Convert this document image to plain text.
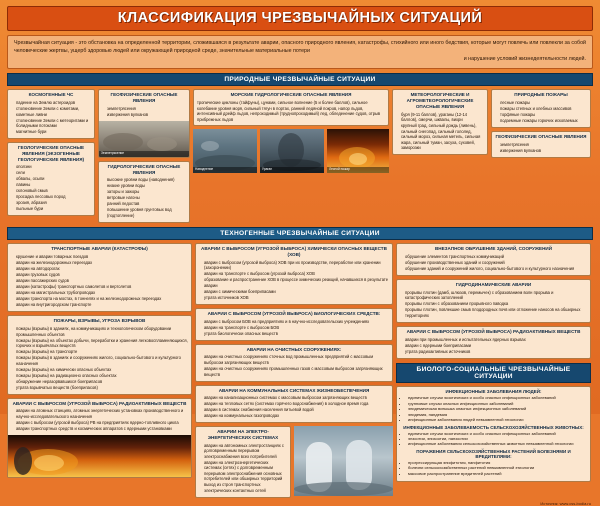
КЛАССИФИКАЦИЯ ЧРЕЗВЫЧАЙНЫХ СИТУАЦИЙ
Чрезвычайная ситуация - это обстановка на определенной территории, сложившаяся в результате аварии, опасного природного явления, катастрофы, стихийного или иного бедствия, которые могут повлечь или повлекли за собой человеческие жертвы, ущерб здоровью людей или окружающей природной среде, значительные материальные потери
и нарушение условий жизнедеятельности людей.
ПРИРОДНЫЕ ЧРЕЗВЫЧАЙНЫЕ СИТУАЦИИ
КОСМОГЕННЫЕ ЧС
• падение на Землю астероидов
• столкновение Земли с кометами, кометные ливни
• столкновение Земли с метеоритами и болидными потоками
• магнитные бури
ГЕОЛОГИЧЕСКИЕ ОПАСНЫЕ ЯВЛЕНИЯ (ЭКЗОГЕННЫЕ ГЕОЛОГИЧЕСКИЕ ЯВЛЕНИЯ)
• оползни
• сели
• обвалы, осыпи
• лавины
• склоновый смыв
• просадка лессовых пород
• эрозия, абразия
• пыльные бури
ГЕОФИЗИЧЕСКИЕ ОПАСНЫЕ ЯВЛЕНИЯ
• землетрясения
• извержения вулканов
Землетрясение
ГИДРОЛОГИЧЕСКИЕ ОПАСНЫЕ ЯВЛЕНИЯ
• высокие уровни воды (наводнения)
• низкие уровни воды
• заторы и зажоры
• ветровые нагоны
• ранний ледостав
• повышение уровня грунтовых вод (подтопление)
МОРСКИЕ ГИДРОЛОГИЧЕСКИЕ ОПАСНЫЕ ЯВЛЕНИЯ

тропические циклоны (тайфуны), цунами, сильное волнение (5 и более баллов), сильное колебание уровня моря, сильный тягун в портах, ранний ледяной покров, напор льдов, интенсивный дрейф льдов, непроходимый (труднопроходимый) лед, обледенение судов, отрыв прибрежных льдов

Наводнение	Ураган	Лесной пожар
МЕТЕОРОЛОГИЧЕСКИЕ И АГРОМЕТЕОРОЛОГИЧЕСКИЕ ОПАСНЫЕ ЯВЛЕНИЯ
• буря (9-11 баллов), ураганы (12-14 баллов), смерчи, шквалы, вихри
• крупный град, сильный дождь (ливень), сильный снегопад, сильный гололед, сильный мороз, сильная метель, сильная жара, сильный туман, засуха, суховей, заморозки
ПРИРОДНЫЕ ПОЖАРЫ
• лесные пожары
• пожары степных и хлебных массивов
• торфяные пожары
• подземные пожары горючих ископаемых
ГЕОФИЗИЧЕСКИЕ ОПАСНЫЕ ЯВЛЕНИЯ
• землетрясения
• извержения вулканов
ТЕХНОГЕННЫЕ ЧРЕЗВЫЧАЙНЫЕ СИТУАЦИИ
ТРАНСПОРТНЫЕ АВАРИИ (КАТАСТРОФЫ)
• крушение и аварии товарных поездов
• аварии на железнодорожных переездах
• аварии на автодорогах
• аварии грузовых судов
• аварии пассажирских судов
• аварии (катастрофы) транспортных самолетов и вертолетов
• аварии на магистральных трубопроводах
• аварии транспорта на мостах, в тоннелях и на железнодорожных переездах
• аварии на внутригородском транспорте
ПОЖАРЫ, ВЗРЫВЫ, УГРОЗА ВЗРЫВОВ
• пожары (взрывы) в зданиях, на коммуникациях и технологическом оборудовании промышленных объектов
• пожары (взрывы) на объектах добычи, переработки и хранения легковоспламеняющихся, горючих и взрывчатых веществ
• пожары (взрывы) на транспорте
• пожары (взрывы) в зданиях и сооружениях жилого, социально-бытового и культурного назначения
• пожары (взрывы) на химически опасных объектах
• пожары (взрывы) на радиационно опасных объектах
• обнаружение неразорвавшихся боеприпасов
• утрата взрывчатых веществ (боеприпасов)
АВАРИИ С ВЫБРОСОМ (УГРОЗОЙ ВЫБРОСА) РАДИОАКТИВНЫХ ВЕЩЕСТВ
• аварии на атомных станциях, атомных энергетических установках производственного и научно-исследовательского назначения
• аварии с выбросом (угрозой выброса) РВ на предприятиях ядерно-топливного цикла
• аварии транспортных средств и космических аппаратов с ядерными установками
АВАРИИ С ВЫБРОСОМ (УГРОЗОЙ ВЫБРОСА) ХИМИЧЕСКИ ОПАСНЫХ ВЕЩЕСТВ (ХОВ)
• аварии с выбросом (угрозой выброса) ХОВ при их производстве, переработке или хранении (захоронении)
• аварии на транспорте с выбросом (угрозой выброса) ХОВ
• образование и распространение ХОВ в процессе химических реакций, начавшихся в результате аварии
• аварии с химическими боеприпасами
• утрата источников ХОВ
АВАРИИ С ВЫБРОСОМ (УГРОЗОЙ ВЫБРОСА) БИОЛОГИЧЕСКИХ СРЕДСТВ:
• аварии с выбросом БОВ на предприятиях и в научно-исследовательских учреждениях
• аварии на транспорте с выбросом БОВ
• утрата биологически опасных веществ
АВАРИИ НА ОЧИСТНЫХ СООРУЖЕНИЯХ:
• аварии на очистных сооружениях сточных вод промышленных предприятий с массовым выбросом загрязняющих веществ
• аварии на очистных сооружениях промышленных газов с массовым выбросом загрязняющих веществ
АВАРИИ НА КОММУНАЛЬНЫХ СИСТЕМАХ ЖИЗНЕОБЕСПЕЧЕНИЯ
• аварии на канализационных системах с массовым выбросом загрязняющих веществ
• аварии на тепловых сетях (системах горячего водоснабжения) в холодное время года
• аварии в системах снабжения населения питьевой водой
• аварии на коммунальных газопроводах
АВАРИИ НА ЭЛЕКТРО-ЭНЕРГЕТИЧЕСКИХ СИСТЕМАХ
• аварии на автономных электростанциях с долговременным перерывом электроснабжения всех потребителей
• аварии на электроэнергетических системах (сетях) с долговременным перерывом электроснабжения основных потребителей или обширных территорий
• выход из строя транспортных электрических контактных сетей
ВНЕЗАПНОЕ ОБРУШЕНИЕ ЗДАНИЙ, СООРУЖЕНИЙ
• обрушение элементов транспортных коммуникаций
• обрушение производственных зданий и сооружений
• обрушение зданий и сооружений жилого, социально-бытового и культурного назначения
ГИДРОДИНАМИЧЕСКИЕ АВАРИИ
• прорывы плотин (дамб, шлюзов, перемычек) с образованием волн прорыва и катастрофических затоплений
• прорывы плотин с образованием прорывного паводка
• прорывы плотин, повлекшие смыв плодородных почв или отложение наносов на обширных территориях
АВАРИИ С ВЫБРОСОМ (УГРОЗОЙ ВЫБРОСА) РАДИОАКТИВНЫХ ВЕЩЕСТВ
• аварии при промышленных и испытательных ядерных взрывах
• аварии с ядерными боеприпасами
• утрата радиоактивных источников
БИОЛОГО-СОЦИАЛЬНЫЕ ЧРЕЗВЫЧАЙНЫЕ СИТУАЦИИ
ИНФЕКЦИОННЫЕ ЗАБОЛЕВАНИЯ ЛЮДЕЙ:
• единичные случаи экзотических и особо опасных инфекционных заболеваний
• групповые случаи опасных инфекционных заболеваний
• эпидемическая вспышка опасных инфекционных заболеваний
• эпидемия, пандемия
• инфекционные заболевания людей невыявленной этиологии
ИНФЕКЦИОННЫЕ ЗАБОЛЕВАЕМОСТЬ СЕЛЬСКОХОЗЯЙСТВЕННЫХ ЖИВОТНЫХ:
• единичные случаи экзотических и особо опасных инфекционных заболеваний
• энзоотии, эпизоотии, панзоотии
• инфекционные заболевания сельскохозяйственных животных невыявленной этиологии
ПОРАЖЕНИЯ СЕЛЬСКОХОЗЯЙСТВЕННЫХ РАСТЕНИЙ БОЛЕЗНЯМИ И ВРЕДИТЕЛЯМИ:
• прогрессирующая эпифитотия, панфитотия
• болезни сельскохозяйственных растений невыявленной этиологии
• массовое распространение вредителей растений
Источник: www.css-bodia.ru
